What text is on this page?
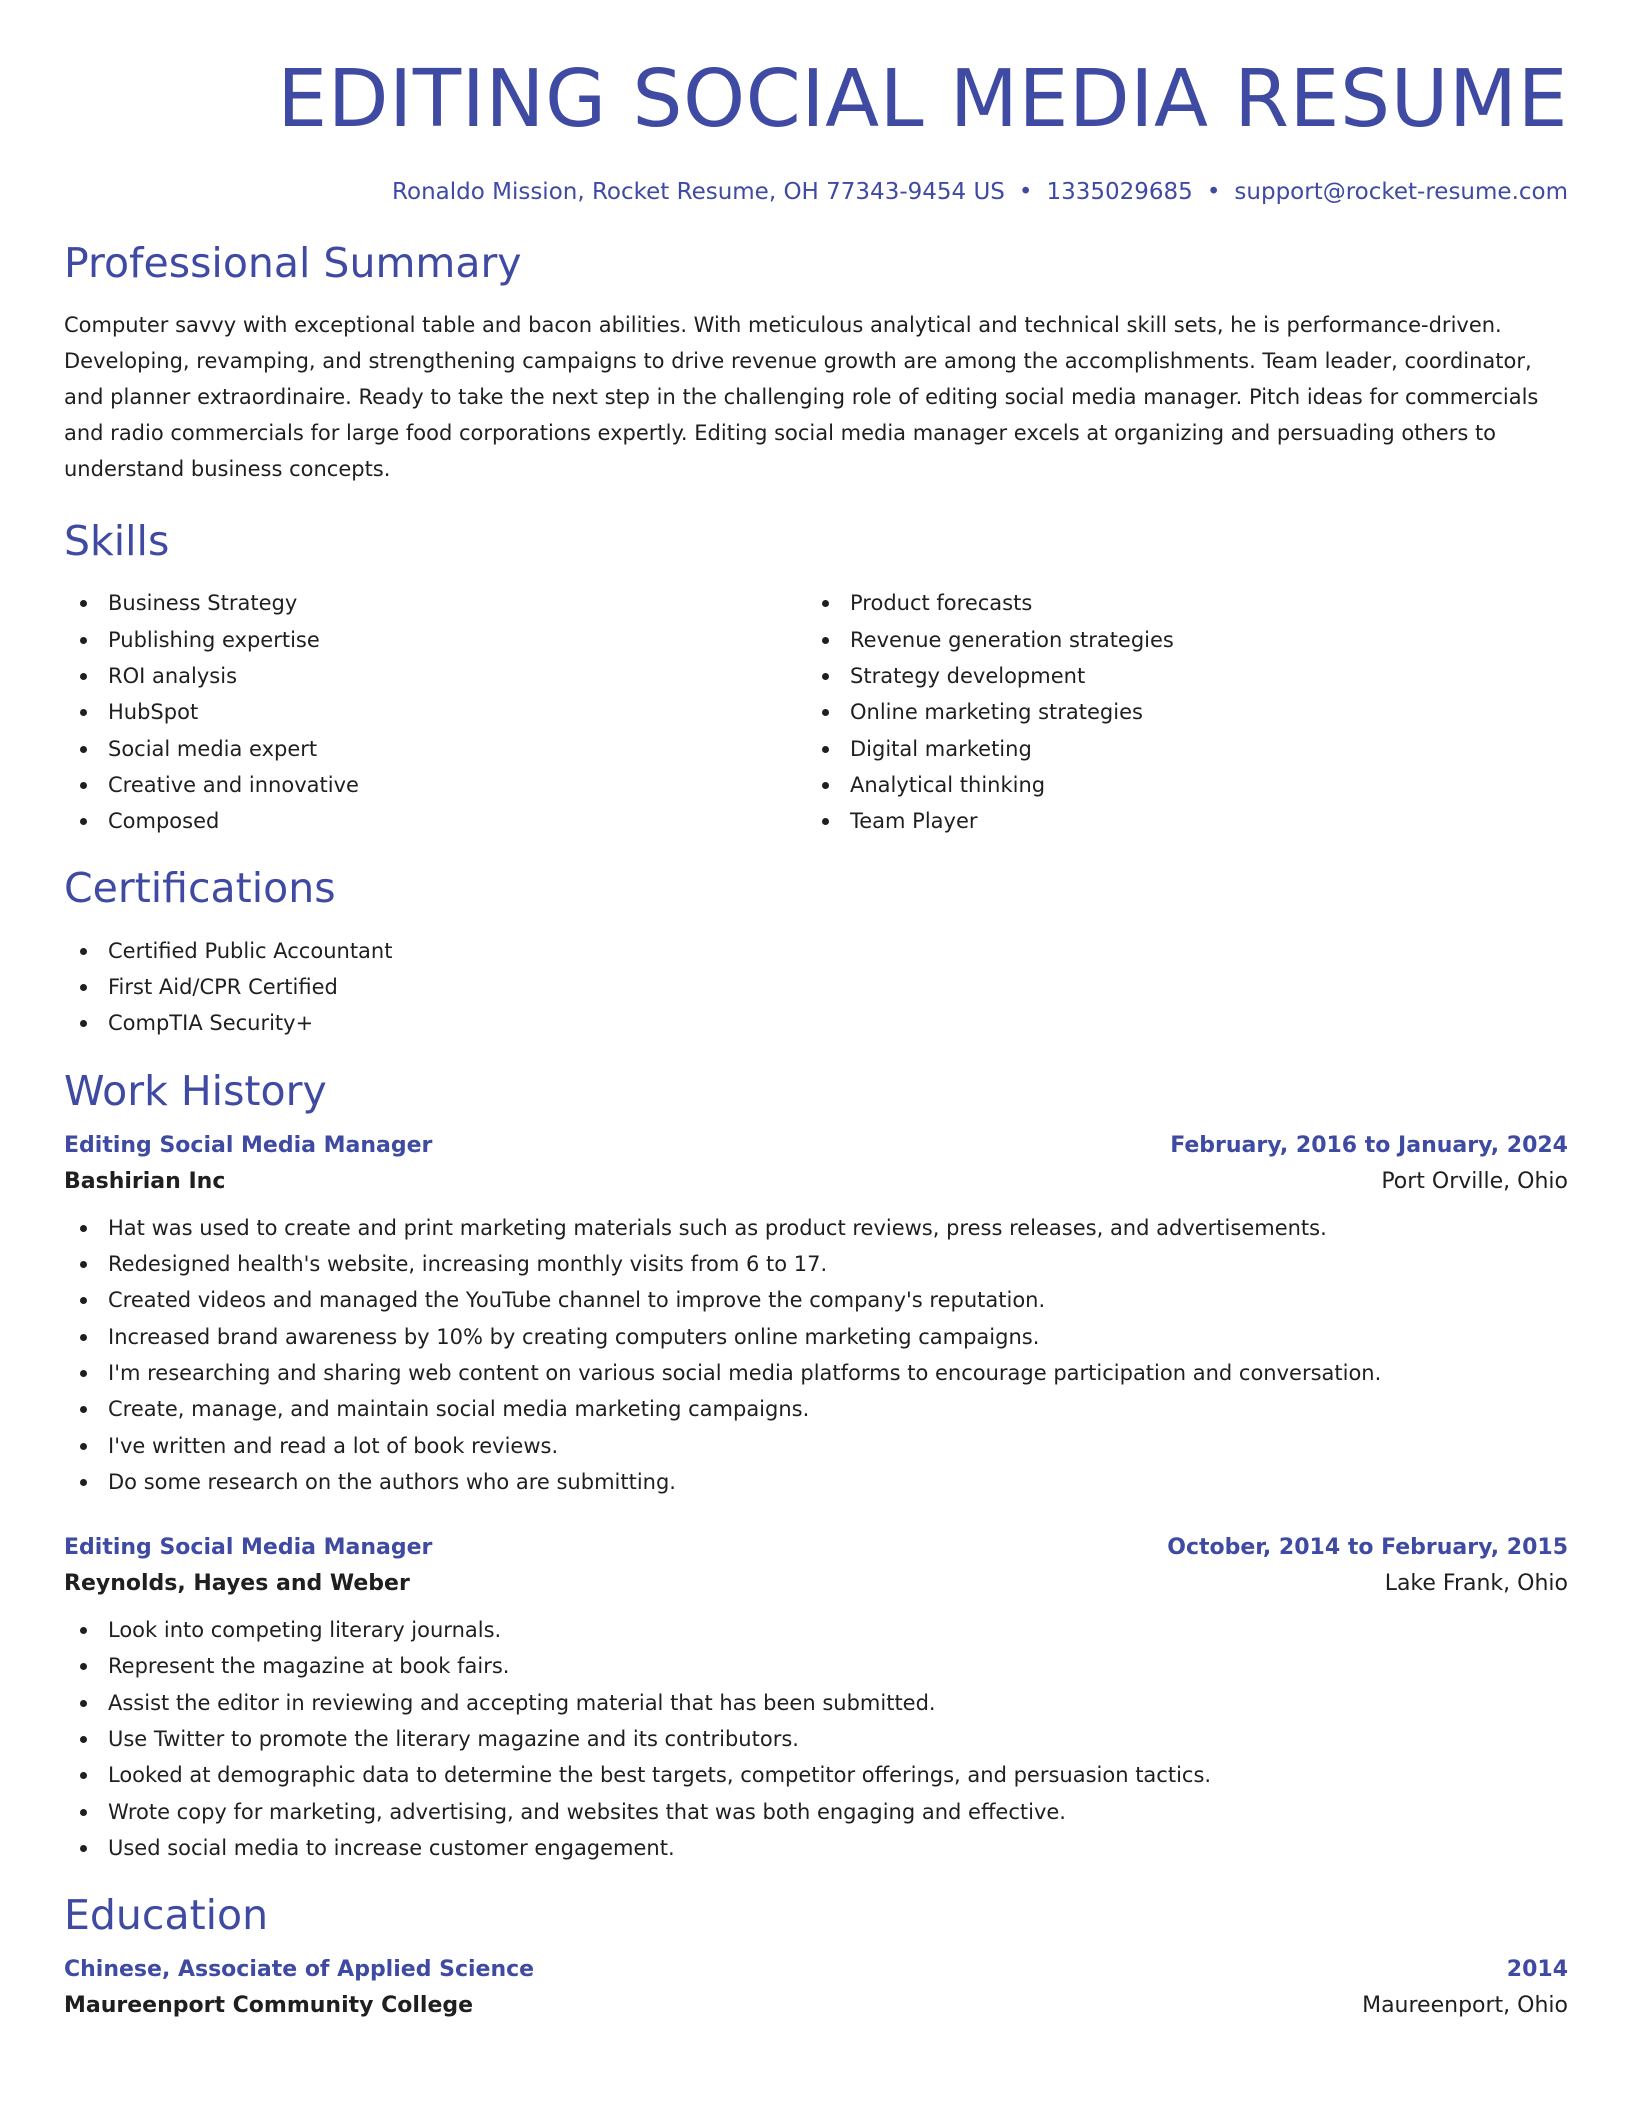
EDITING SOCIAL MEDIA RESUME
Ronaldo Mission, Rocket Resume, OH 77343-9454 US • 1335029685 • support@rocket-resume.com
Professional Summary

Computer savvy with exceptional table and bacon abilities. With meticulous analytical and technical skill sets, he is performance-driven. Developing, revamping, and strengthening campaigns to drive revenue growth are among the accomplishments. Team leader, coordinator, and planner extraordinaire. Ready to take the next step in the challenging role of editing social media manager. Pitch ideas for commercials and radio commercials for large food corporations expertly. Editing social media manager excels at organizing and persuading others to understand business concepts.

Skills
Business Strategy
Publishing expertise
ROI analysis
HubSpot
Social media expert
Creative and innovative
Composed
Product forecasts
Revenue generation strategies
Strategy development
Online marketing strategies
Digital marketing
Analytical thinking
Team Player
Certifications
Certified Public Accountant
First Aid/CPR Certified
CompTIA Security+
Work History
Editing Social Media Manager	February, 2016 to January, 2024
Bashirian Inc	Port Orville, Ohio
Hat was used to create and print marketing materials such as product reviews, press releases, and advertisements.
Redesigned health's website, increasing monthly visits from 6 to 17.
Created videos and managed the YouTube channel to improve the company's reputation.
Increased brand awareness by 10% by creating computers online marketing campaigns.
I'm researching and sharing web content on various social media platforms to encourage participation and conversation.
Create, manage, and maintain social media marketing campaigns.
I've written and read a lot of book reviews.
Do some research on the authors who are submitting.
Editing Social Media Manager	October, 2014 to February, 2015
Reynolds, Hayes and Weber	Lake Frank, Ohio
Look into competing literary journals.
Represent the magazine at book fairs.
Assist the editor in reviewing and accepting material that has been submitted.
Use Twitter to promote the literary magazine and its contributors.
Looked at demographic data to determine the best targets, competitor offerings, and persuasion tactics.
Wrote copy for marketing, advertising, and websites that was both engaging and effective.
Used social media to increase customer engagement.
Education
Chinese, Associate of Applied Science	2014
Maureenport Community College	Maureenport, Ohio
